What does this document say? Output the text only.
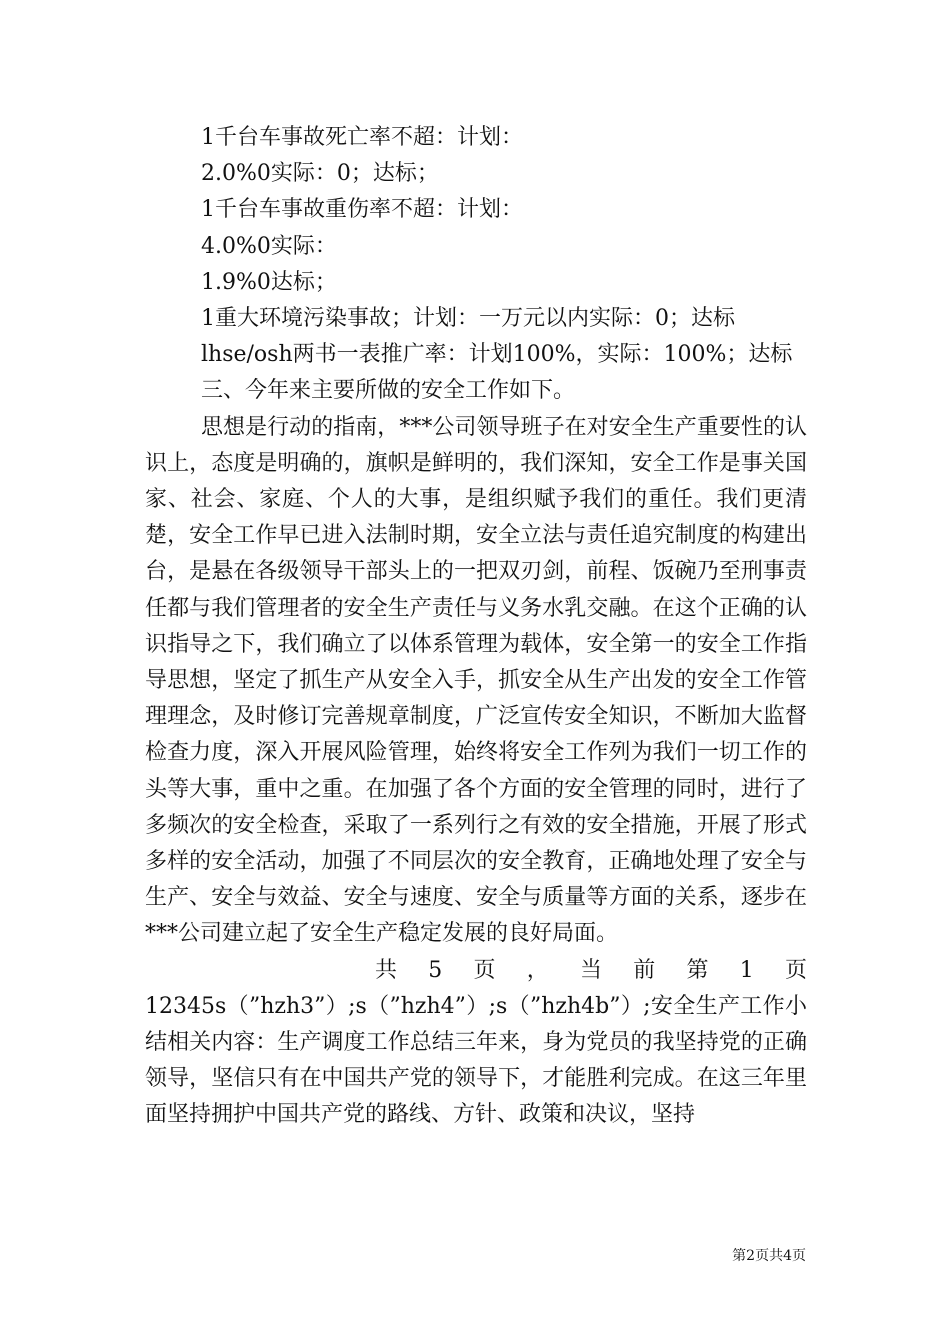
1千台车事故死亡率不超：计划：
2.0%0实际：0；达标；
1千台车事故重伤率不超：计划：
4.0%0实际：
1.9%0达标；
1重大环境污染事故；计划：一万元以内实际：0；达标
lhse/osh两书一表推广率：计划100%，实际：100%；达标
三、今年来主要所做的安全工作如下。

思想是行动的指南，***公司领导班子在对安全生产重要性的认识上，态度是明确的，旗帜是鲜明的，我们深知，安全工作是事关国家、社会、家庭、个人的大事，是组织赋予我们的重任。我们更清楚，安全工作早已进入法制时期，安全立法与责任追究制度的构建出台，是悬在各级领导干部头上的一把双刃剑，前程、饭碗乃至刑事责任都与我们管理者的安全生产责任与义务水乳交融。在这个正确的认识指导之下，我们确立了以体系管理为载体，安全第一的安全工作指导思想，坚定了抓生产从安全入手，抓安全从生产出发的安全工作管理理念，及时修订完善规章制度，广泛宣传安全知识，不断加大监督检查力度，深入开展风险管理，始终将安全工作列为我们一切工作的头等大事，重中之重。在加强了各个方面的安全管理的同时，进行了多频次的安全检查，采取了一系列行之有效的安全措施，开展了形式多样的安全活动，加强了不同层次的安全教育，正确地处理了安全与生产、安全与效益、安全与速度、安全与质量等方面的关系，逐步在***公司建立起了安全生产稳定发展的良好局面。

共 5 页 ， 当 前 第 1 页

12345s（”hzh3”）;s（”hzh4”）;s（”hzh4b”）;安全生产工作小结相关内容：生产调度工作总结三年来，身为党员的我坚持党的正确领导，坚信只有在中国共产党的领导下，才能胜利完成。在这三年里面坚持拥护中国共产党的路线、方针、政策和决议，坚持

第2页共4页
